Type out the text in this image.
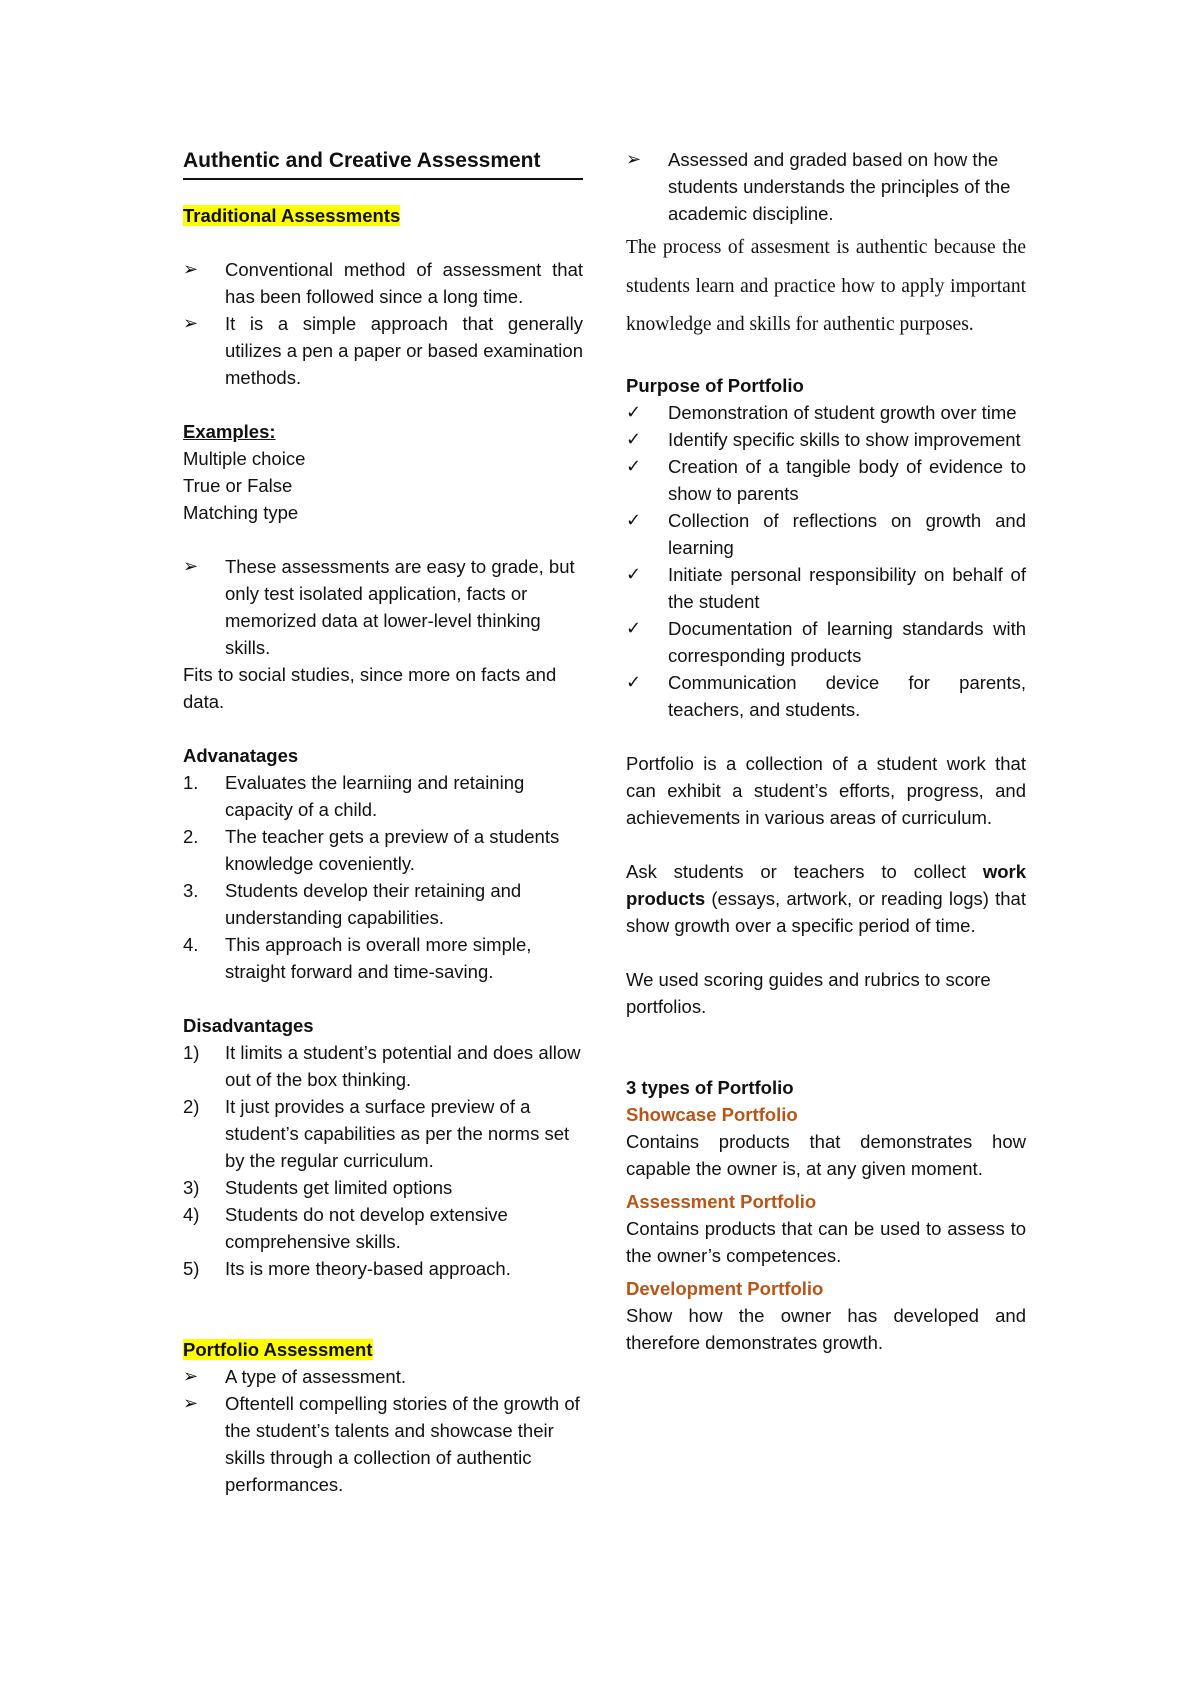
Authentic and Creative Assessment

Traditional Assessments

➢	Conventional method of assessment that has been followed since a long time.
➢	It is a simple approach that generally utilizes a pen a paper or based examination methods.

Examples:

Multiple choice

True or False

Matching type

➢	These assessments are easy to grade, but only test isolated application, facts or memorized data at lower-level thinking skills.

Fits to social studies, since more on facts and data.

Advanatages

1.	Evaluates the learniing and retaining capacity of a child.
2.	The teacher gets a preview of a students knowledge coveniently.
3.	Students develop their retaining and understanding capabilities.
4.	This approach is overall more simple, straight forward and time-saving.

Disadvantages

1)	It limits a student’s potential and does allow out of the box thinking.
2)	It just provides a surface preview of a student’s capabilities as per the norms set by the regular curriculum.
3)	Students get limited options
4)	Students do not develop extensive comprehensive skills.
5)	Its is more theory-based approach.

Portfolio Assessment

➢	A type of assessment.
➢	Oftentell compelling stories of the growth of the student’s talents and showcase their skills through a collection of authentic performances.
➢	Assessed and graded based on how the students understands the principles of the academic discipline.

The process of assesment is authentic because the students learn and practice how to apply important knowledge and skills for authentic purposes.

Purpose of Portfolio

✓	Demonstration of student growth over time
✓	Identify specific skills to show improvement
✓	Creation of a tangible body of evidence to show to parents
✓	Collection of reflections on growth and learning
✓	Initiate personal responsibility on behalf of the student
✓	Documentation of learning standards with corresponding products
✓	Communication device for parents, teachers, and students.

Portfolio is a collection of a student work that can exhibit a student’s efforts, progress, and achievements in various areas of curriculum.

Ask students or teachers to collect work products (essays, artwork, or reading logs) that show growth over a specific period of time.

We used scoring guides and rubrics to score portfolios.

3 types of Portfolio

Showcase Portfolio

Contains products that demonstrates how capable the owner is, at any given moment.

Assessment Portfolio

Contains products that can be used to assess to the owner’s competences.

Development Portfolio

Show how the owner has developed and therefore demonstrates growth.
